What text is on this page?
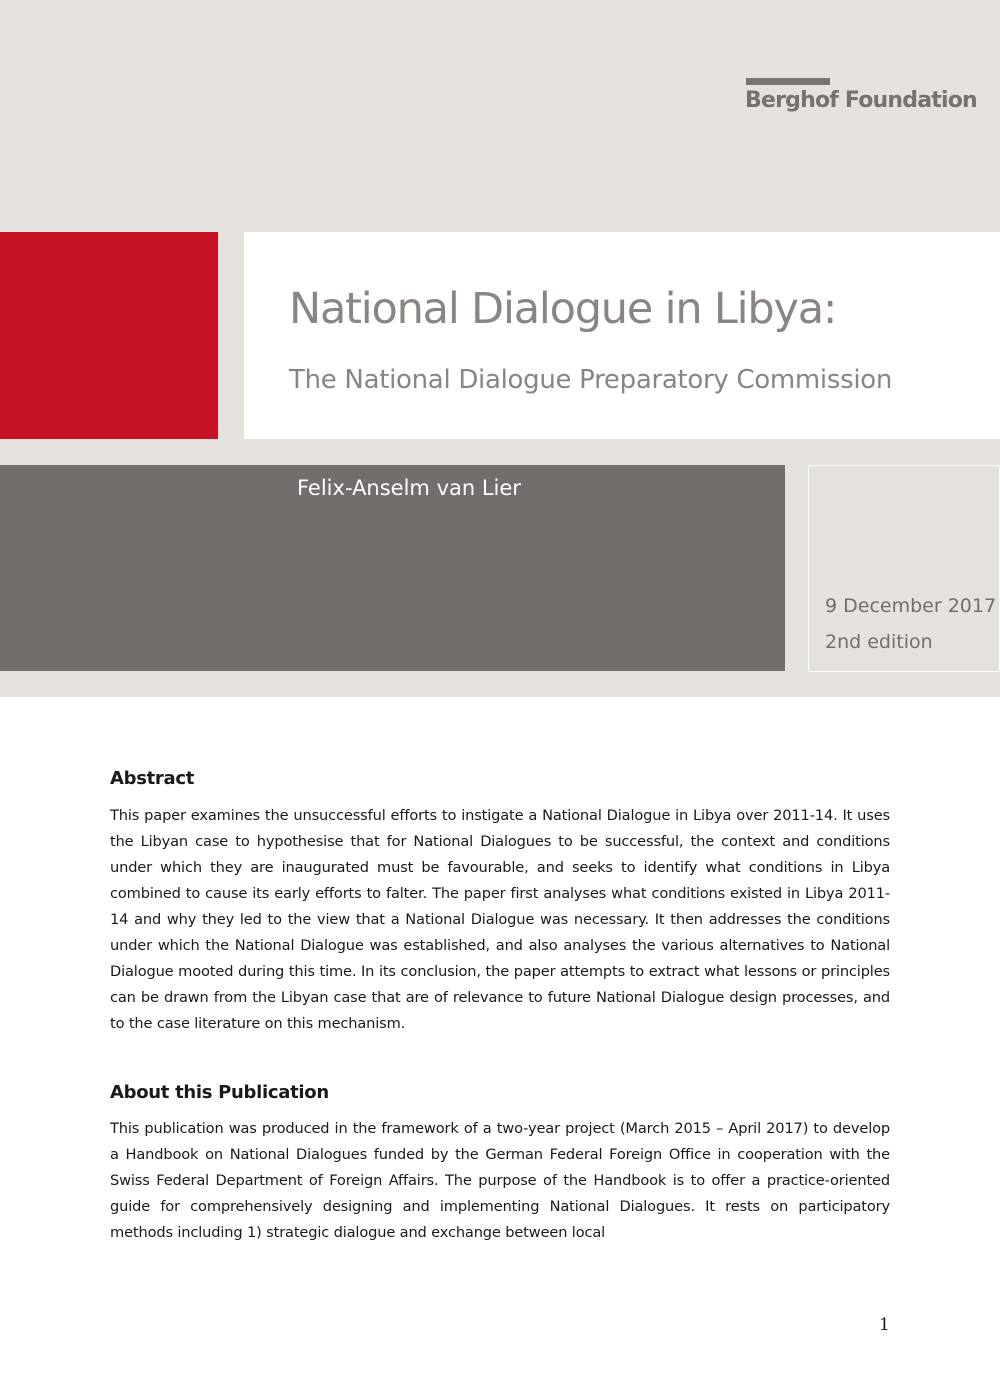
Berghof Foundation
National Dialogue in Libya:
The National Dialogue Preparatory Commission
Felix-Anselm van Lier
9 December 2017
2nd edition
Abstract

This paper examines the unsuccessful efforts to instigate a National Dialogue in Libya over 2011-14. It uses the Libyan case to hypothesise that for National Dialogues to be successful, the context and conditions under which they are inaugurated must be favourable, and seeks to identify what conditions in Libya combined to cause its early efforts to falter. The paper first analyses what conditions existed in Libya 2011-14 and why they led to the view that a National Dialogue was necessary. It then addresses the conditions under which the National Dialogue was established, and also analyses the various alternatives to National Dialogue mooted during this time. In its conclusion, the paper attempts to extract what lessons or principles can be drawn from the Libyan case that are of relevance to future National Dialogue design processes, and to the case literature on this mechanism.

About this Publication

This publication was produced in the framework of a two-year project (March 2015 – April 2017) to develop a Handbook on National Dialogues funded by the German Federal Foreign Office in cooperation with the Swiss Federal Department of Foreign Affairs. The purpose of the Handbook is to offer a practice-oriented guide for comprehensively designing and implementing National Dialogues. It rests on participatory methods including 1) strategic dialogue and exchange between local

1
